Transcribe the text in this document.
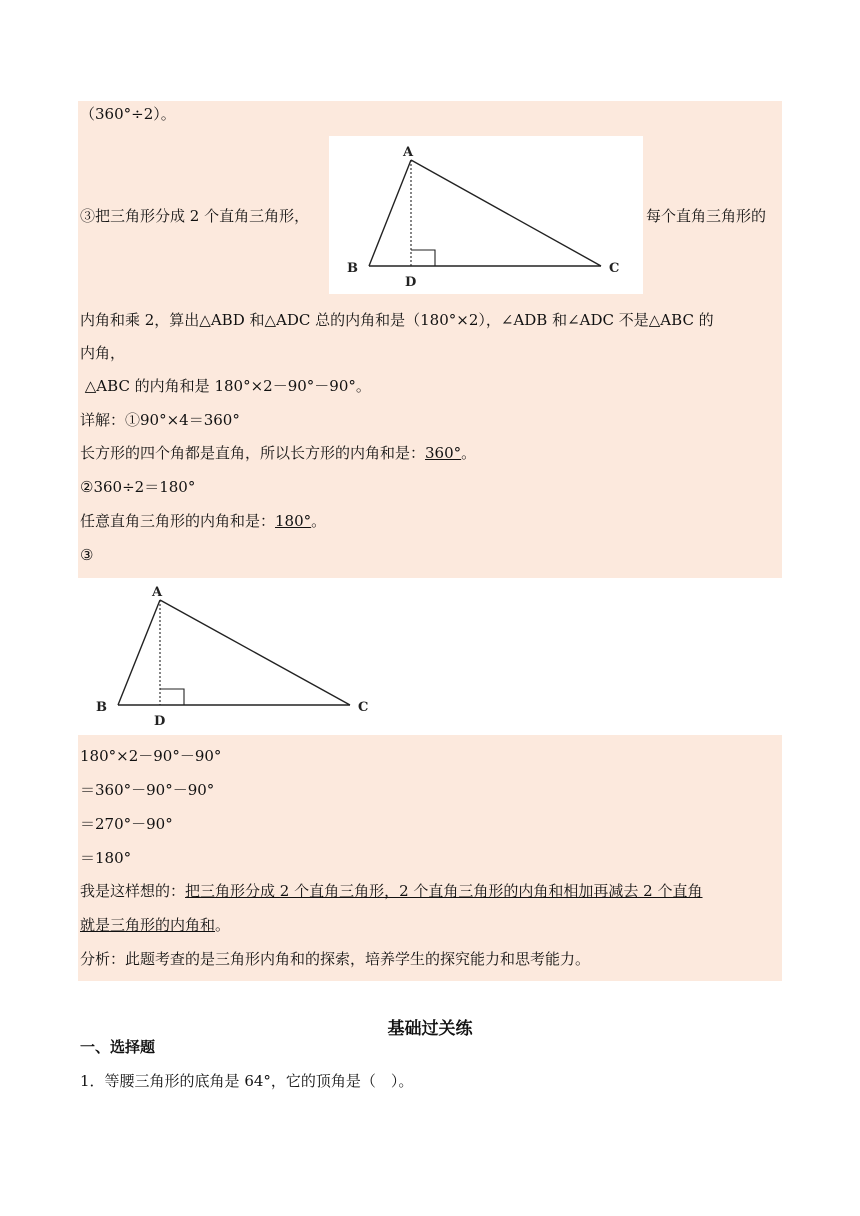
（360°÷2）。
③把三角形分成 2 个直角三角形，	每个直角三角形的
A
B	C
D
内角和乘 2，算出△ABD 和△ADC 总的内角和是（180°×2），∠ADB 和∠ADC 不是△ABC 的
内角，
△ABC 的内角和是 180°×2－90°－90°。
详解：①90°×4＝360°
长方形的四个角都是直角，所以长方形的内角和是：360°。
②360÷2＝180°
任意直角三角形的内角和是：180°。
③
A
B	C
D
180°×2－90°－90°
＝360°－90°－90°
＝270°－90°
＝180°
我是这样想的：把三角形分成 2 个直角三角形，2 个直角三角形的内角和相加再减去 2 个直角
就是三角形的内角和。
分析：此题考查的是三角形内角和的探索，培养学生的探究能力和思考能力。
基础过关练
一、选择题
1．等腰三角形的底角是 64°，它的顶角是（　）。
